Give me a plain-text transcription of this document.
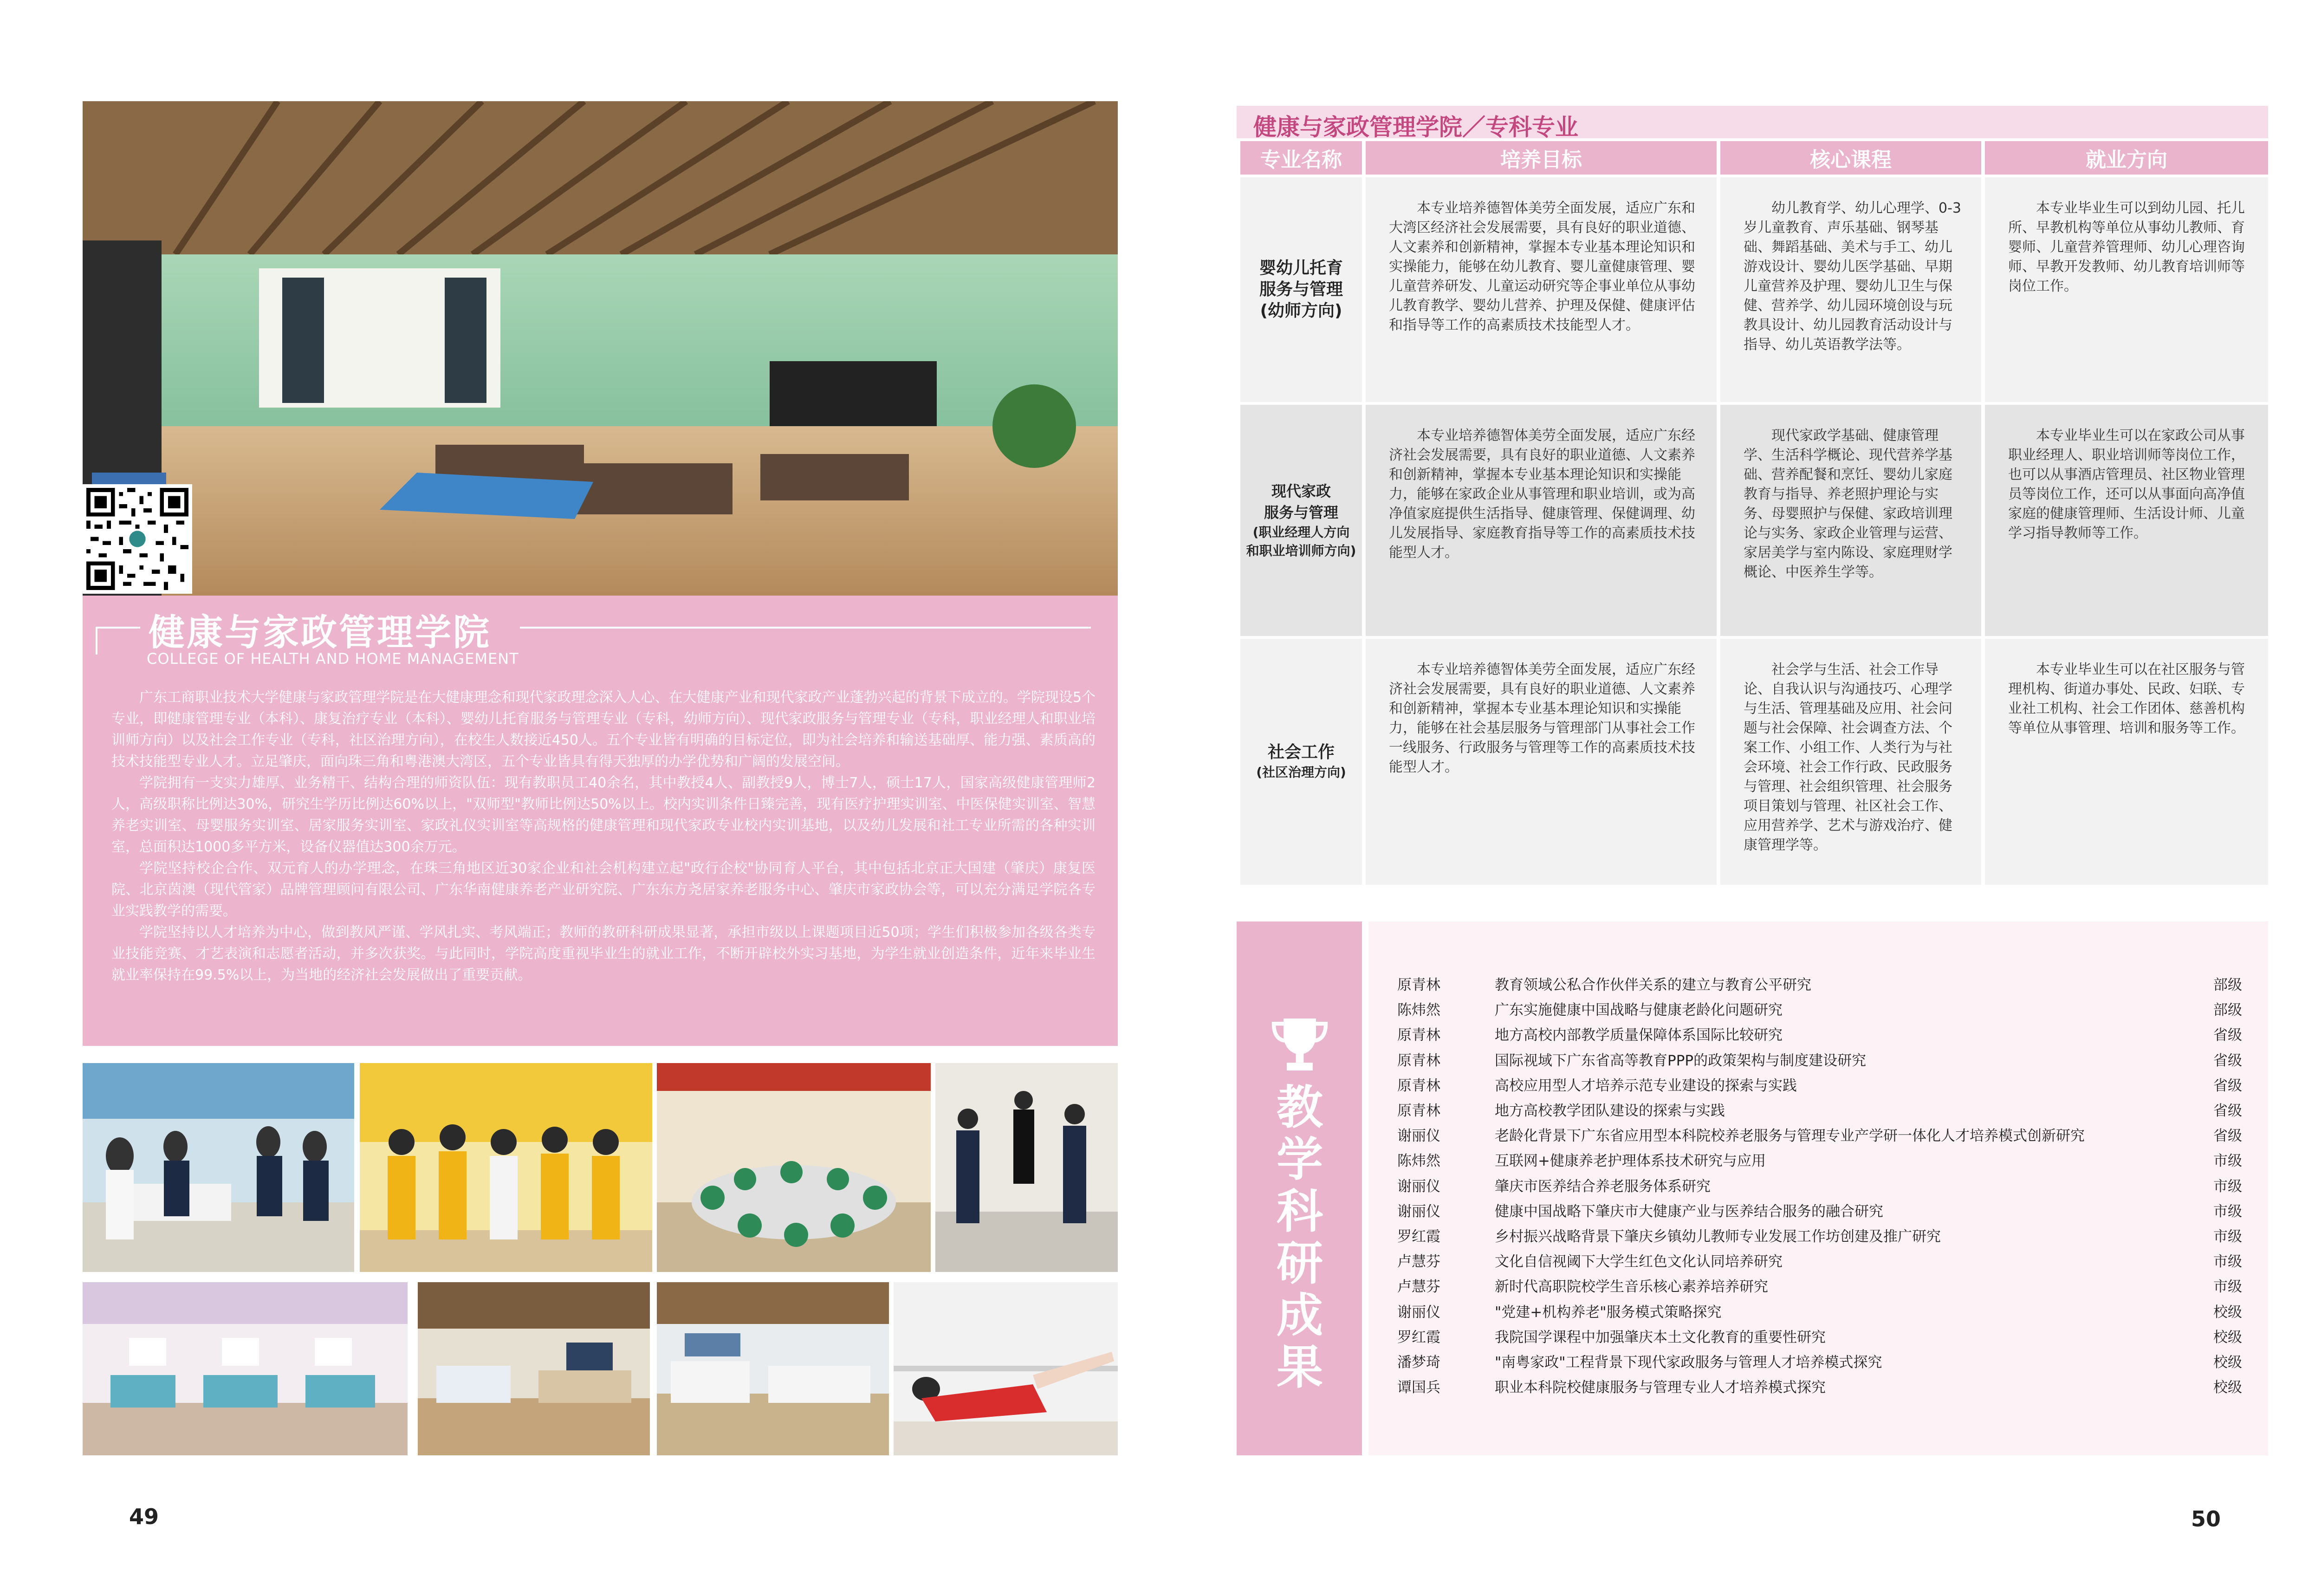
健康与家政管理学院
COLLEGE OF HEALTH AND HOME MANAGEMENT

广东工商职业技术大学健康与家政管理学院是在大健康理念和现代家政理念深入人心、在大健康产业和现代家政产业蓬勃兴起的背景下成立的。学院现设5个专业，即健康管理专业（本科）、康复治疗专业（本科）、婴幼儿托育服务与管理专业（专科，幼师方向）、现代家政服务与管理专业（专科，职业经理人和职业培训师方向）以及社会工作专业（专科，社区治理方向），在校生人数接近450人。五个专业皆有明确的目标定位，即为社会培养和输送基础厚、能力强、素质高的技术技能型专业人才。立足肇庆，面向珠三角和粤港澳大湾区，五个专业皆具有得天独厚的办学优势和广阔的发展空间。

学院拥有一支实力雄厚、业务精干、结构合理的师资队伍：现有教职员工40余名，其中教授4人、副教授9人，博士7人，硕士17人，国家高级健康管理师2人，高级职称比例达30%，研究生学历比例达60%以上，"双师型"教师比例达50%以上。校内实训条件日臻完善，现有医疗护理实训室、中医保健实训室、智慧养老实训室、母婴服务实训室、居家服务实训室、家政礼仪实训室等高规格的健康管理和现代家政专业校内实训基地，以及幼儿发展和社工专业所需的各种实训室，总面积达1000多平方米，设备仪器值达300余万元。

学院坚持校企合作、双元育人的办学理念，在珠三角地区近30家企业和社会机构建立起"政行企校"协同育人平台，其中包括北京正大国建（肇庆）康复医院、北京茵澳（现代管家）品牌管理顾问有限公司、广东华南健康养老产业研究院、广东东方尧居家养老服务中心、肇庆市家政协会等，可以充分满足学院各专业实践教学的需要。

学院坚持以人才培养为中心，做到教风严谨、学风扎实、考风端正；教师的教研科研成果显著，承担市级以上课题项目近50项；学生们积极参加各级各类专业技能竞赛、才艺表演和志愿者活动，并多次获奖。与此同时，学院高度重视毕业生的就业工作，不断开辟校外实习基地，为学生就业创造条件，近年来毕业生就业率保持在99.5%以上，为当地的经济社会发展做出了重要贡献。

49
健康与家政管理学院／专科专业
专业名称	培养目标	核心课程	就业方向
婴幼儿托育
服务与管理
(幼师方向)	本专业培养德智体美劳全面发展，适应广东和大湾区经济社会发展需要，具有良好的职业道德、人文素养和创新精神，掌握本专业基本理论知识和实操能力，能够在幼儿教育、婴儿童健康管理、婴儿童营养研发、儿童运动研究等企事业单位从事幼儿教育教学、婴幼儿营养、护理及保健、健康评估和指导等工作的高素质技术技能型人才。	幼儿教育学、幼儿心理学、0-3岁儿童教育、声乐基础、钢琴基础、舞蹈基础、美术与手工、幼儿游戏设计、婴幼儿医学基础、早期儿童营养及护理、婴幼儿卫生与保健、营养学、幼儿园环境创设与玩教具设计、幼儿园教育活动设计与指导、幼儿英语教学法等。	本专业毕业生可以到幼儿园、托儿所、早教机构等单位从事幼儿教师、育婴师、儿童营养管理师、幼儿心理咨询师、早教开发教师、幼儿教育培训师等岗位工作。

现代家政
服务与管理
(职业经理人方向
和职业培训师方向)	本专业培养德智体美劳全面发展，适应广东经济社会发展需要，具有良好的职业道德、人文素养和创新精神，掌握本专业基本理论知识和实操能力，能够在家政企业从事管理和职业培训，或为高净值家庭提供生活指导、健康管理、保健调理、幼儿发展指导、家庭教育指导等工作的高素质技术技能型人才。	现代家政学基础、健康管理学、生活科学概论、现代营养学基础、营养配餐和烹饪、婴幼儿家庭教育与指导、养老照护理论与实务、母婴照护与保健、家政培训理论与实务、家政企业管理与运营、家居美学与室内陈设、家庭理财学概论、中医养生学等。	本专业毕业生可以在家政公司从事职业经理人、职业培训师等岗位工作，也可以从事酒店管理员、社区物业管理员等岗位工作，还可以从事面向高净值家庭的健康管理师、生活设计师、儿童学习指导教师等工作。

社会工作
(社区治理方向)	本专业培养德智体美劳全面发展，适应广东经济社会发展需要，具有良好的职业道德、人文素养和创新精神，掌握本专业基本理论知识和实操能力，能够在社会基层服务与管理部门从事社会工作一线服务、行政服务与管理等工作的高素质技术技能型人才。	社会学与生活、社会工作导论、自我认识与沟通技巧、心理学与生活、管理基础及应用、社会问题与社会保障、社会调查方法、个案工作、小组工作、人类行为与社会环境、社会工作行政、民政服务与管理、社会组织管理、社会服务项目策划与管理、社区社会工作、应用营养学、艺术与游戏治疗、健康管理学等。	本专业毕业生可以在社区服务与管理机构、街道办事处、民政、妇联、专业社工机构、社会工作团体、慈善机构等单位从事管理、培训和服务等工作。
教学科研成果
原青林	教育领域公私合作伙伴关系的建立与教育公平研究	部级
陈炜然	广东实施健康中国战略与健康老龄化问题研究	部级
原青林	地方高校内部教学质量保障体系国际比较研究	省级
原青林	国际视域下广东省高等教育PPP的政策架构与制度建设研究	省级
原青林	高校应用型人才培养示范专业建设的探索与实践	省级
原青林	地方高校教学团队建设的探索与实践	省级
谢丽仪	老龄化背景下广东省应用型本科院校养老服务与管理专业产学研一体化人才培养模式创新研究	省级
陈炜然	互联网+健康养老护理体系技术研究与应用	市级
谢丽仪	肇庆市医养结合养老服务体系研究	市级
谢丽仪	健康中国战略下肇庆市大健康产业与医养结合服务的融合研究	市级
罗红霞	乡村振兴战略背景下肇庆乡镇幼儿教师专业发展工作坊创建及推广研究	市级
卢慧芬	文化自信视阈下大学生红色文化认同培养研究	市级
卢慧芬	新时代高职院校学生音乐核心素养培养研究	市级
谢丽仪	"党建+机构养老"服务模式策略探究	校级
罗红霞	我院国学课程中加强肇庆本土文化教育的重要性研究	校级
潘梦琦	"南粤家政"工程背景下现代家政服务与管理人才培养模式探究	校级
谭国兵	职业本科院校健康服务与管理专业人才培养模式探究	校级
50
